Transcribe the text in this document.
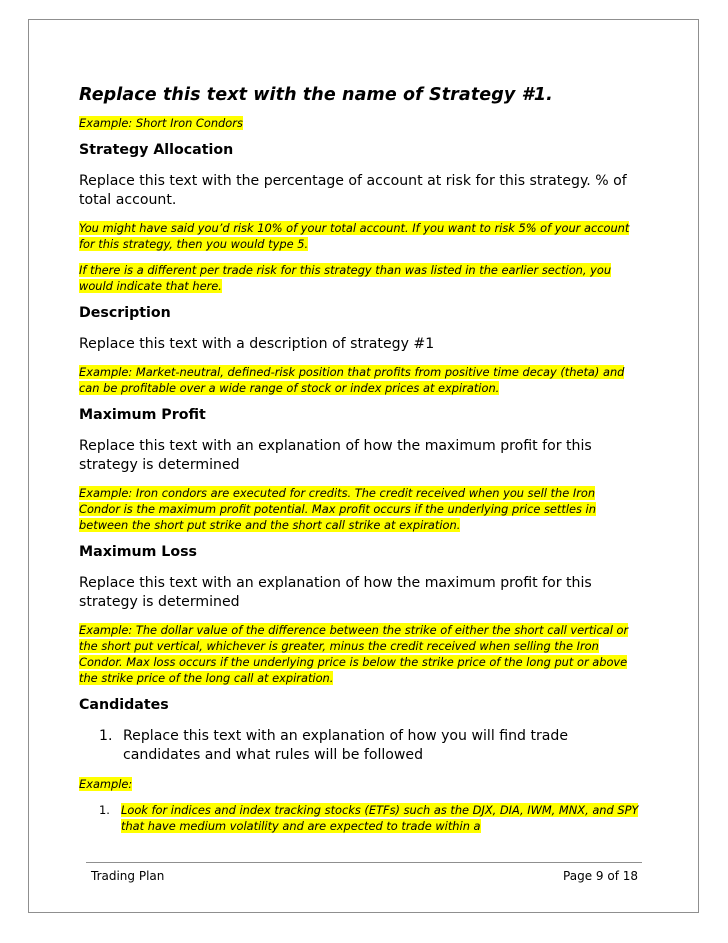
Replace this text with the name of Strategy #1.
Example: Short Iron Condors
Strategy Allocation
Replace this text with the percentage of account at risk for this strategy. % of total account.
You might have said you’d risk 10% of your total account. If you want to risk 5% of your account for this strategy, then you would type 5.
If there is a different per trade risk for this strategy than was listed in the earlier section, you would indicate that here.
Description
Replace this text with a description of strategy #1
Example: Market-neutral, defined-risk position that profits from positive time decay (theta) and can be profitable over a wide range of stock or index prices at expiration.
Maximum Profit
Replace this text with an explanation of how the maximum profit for this strategy is determined
Example: Iron condors are executed for credits. The credit received when you sell the Iron Condor is the maximum profit potential. Max profit occurs if the underlying price settles in between the short put strike and the short call strike at expiration.
Maximum Loss
Replace this text with an explanation of how the maximum profit for this strategy is determined
Example: The dollar value of the difference between the strike of either the short call vertical or the short put vertical, whichever is greater, minus the credit received when selling the Iron Condor. Max loss occurs if the underlying price is below the strike price of the long put or above the strike price of the long call at expiration.
Candidates
1. Replace this text with an explanation of how you will find trade candidates and what rules will be followed
Example:
1. Look for indices and index tracking stocks (ETFs) such as the DJX, DIA, IWM, MNX, and SPY that have medium volatility and are expected to trade within a
Trading Plan	Page 9 of 18
